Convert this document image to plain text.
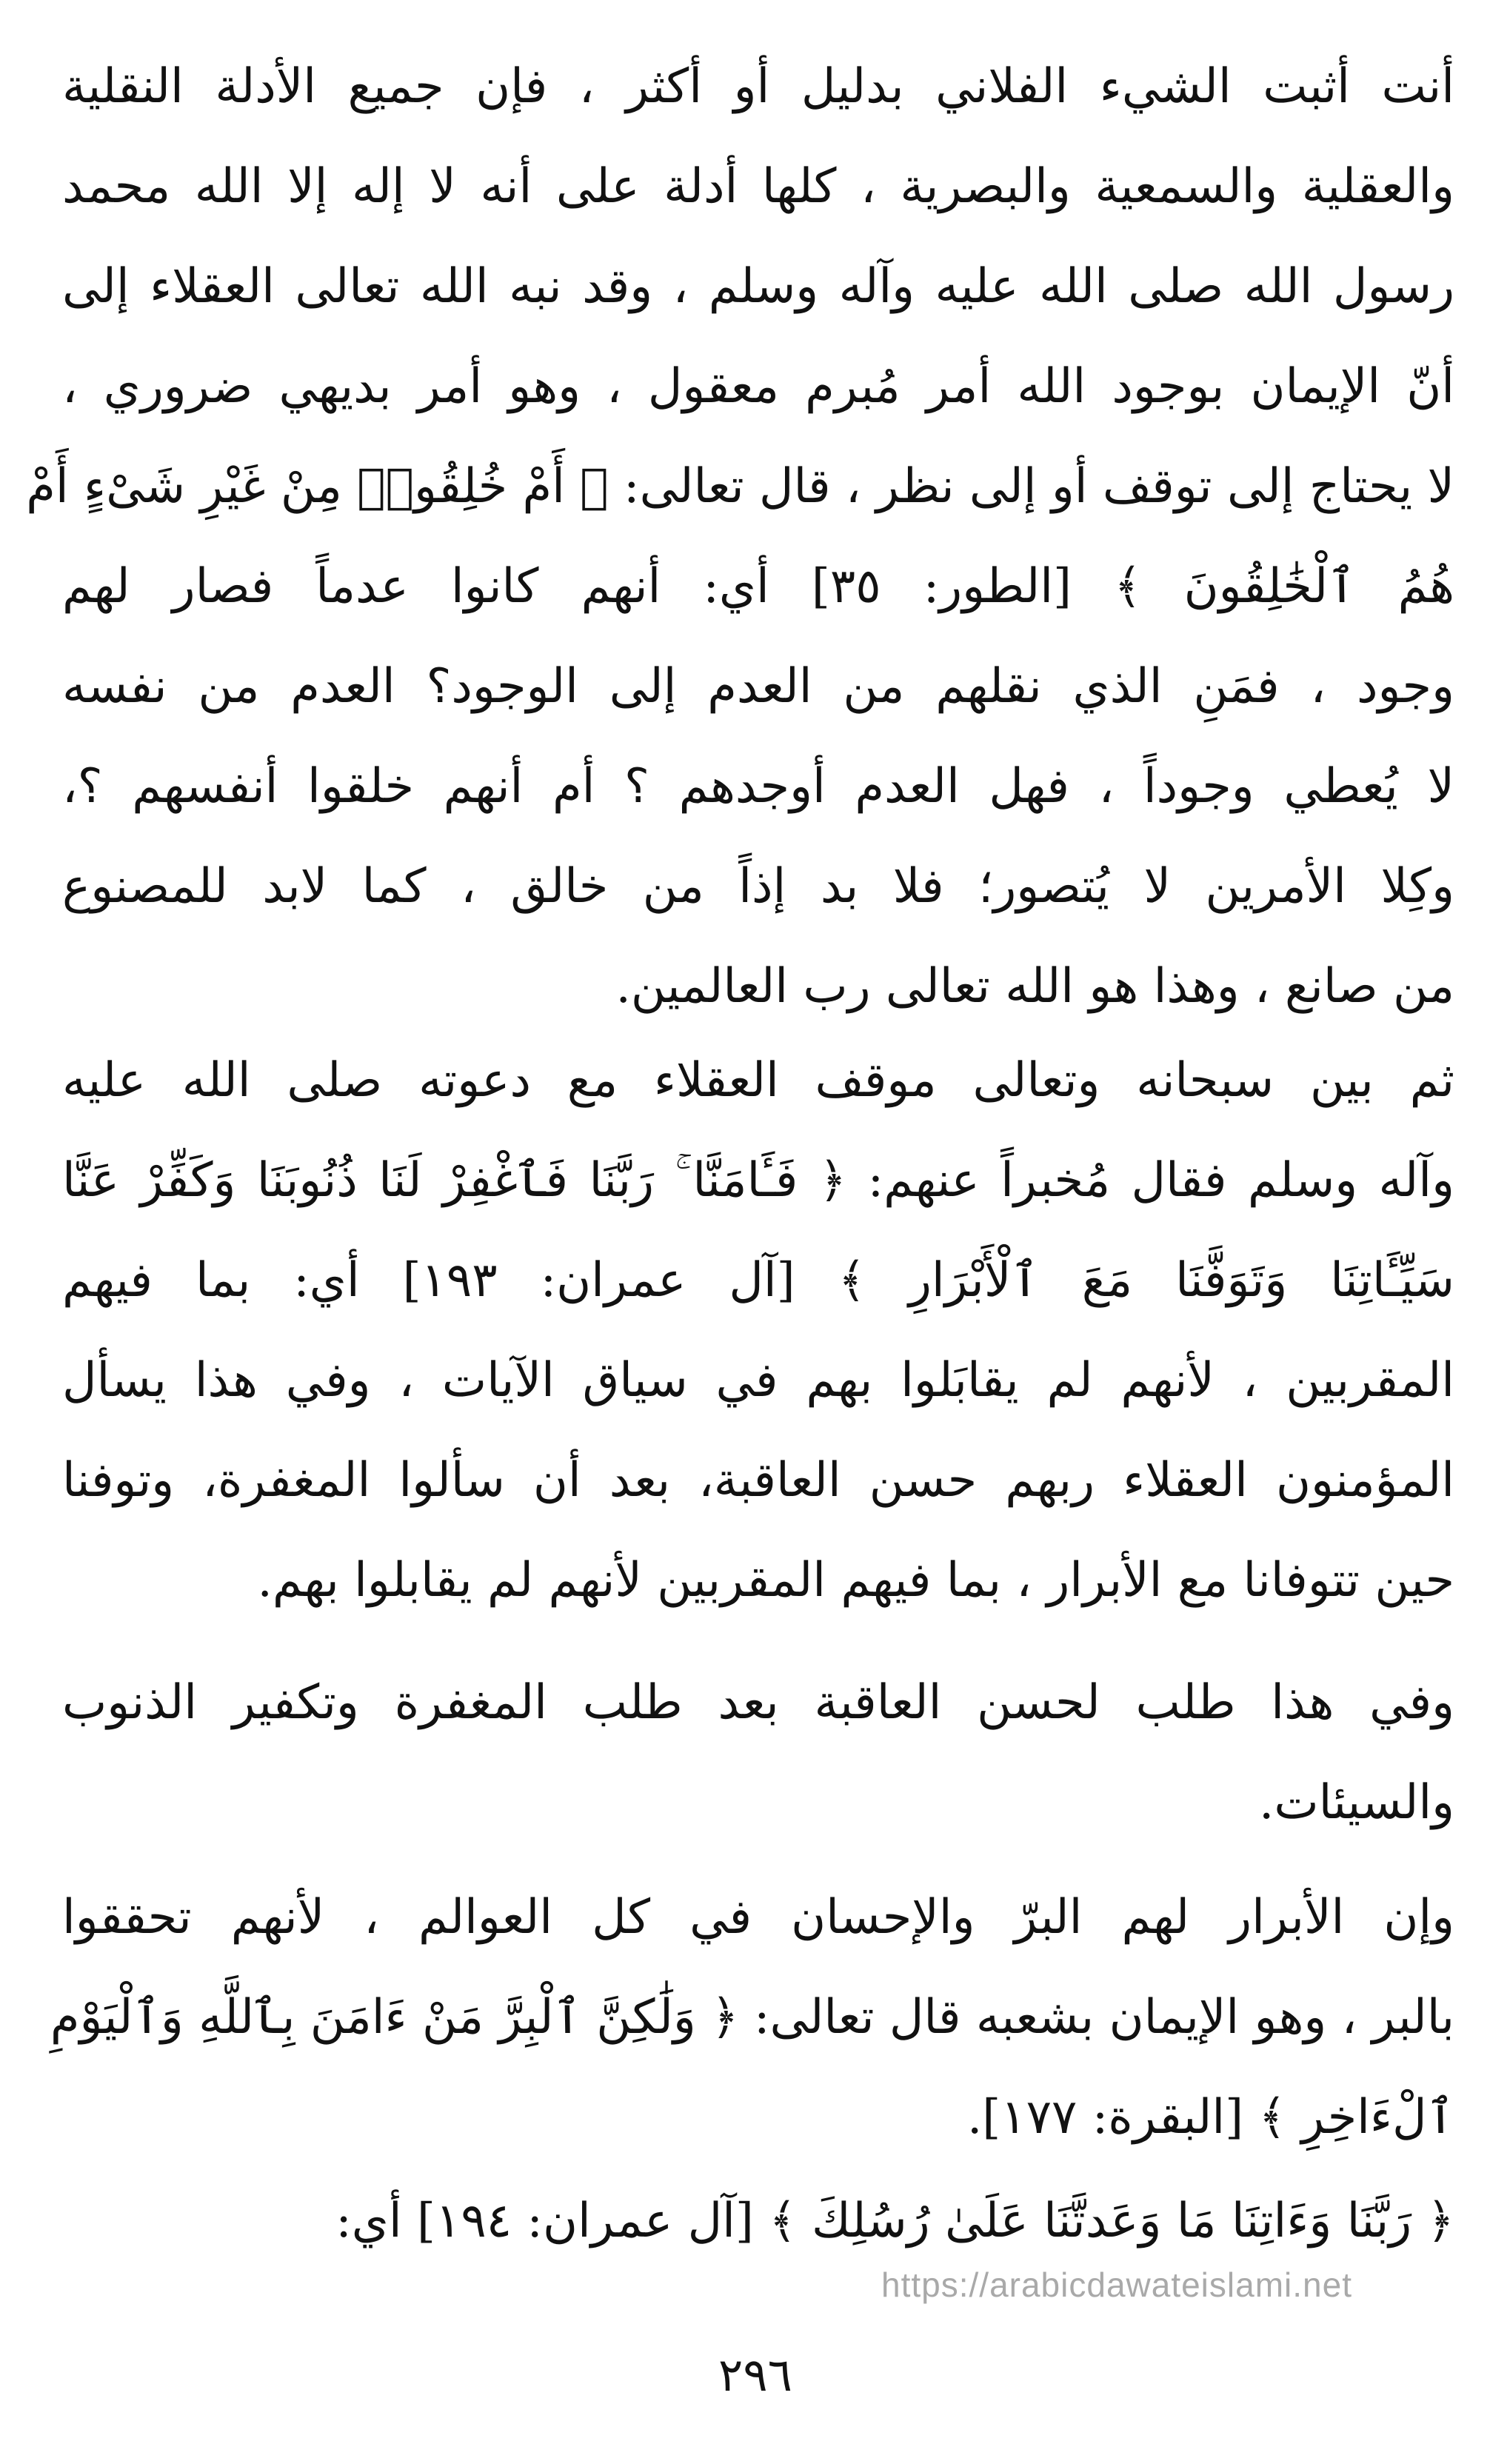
أنت أثبت الشيء الفلاني بدليل أو أكثر ، فإن جميع الأدلة النقلية
والعقلية والسمعية والبصرية ، كلها أدلة على أنه لا إله إلا الله محمد
رسول الله صلى الله عليه وآله وسلم ، وقد نبه الله تعالى العقلاء إلى
أنّ الإيمان بوجود الله أمر مُبرم معقول ، وهو أمر بديهي ضروري ،
لا يحتاج إلى توقف أو إلى نظر ، قال تعالى: ﴿ أَمْ خُلِقُوا۟ مِنْ غَيْرِ شَىْءٍ أَمْ
هُمُ ٱلْخَٰلِقُونَ ﴾ [الطور: ٣٥] أي: أنهم كانوا عدماً فصار لهم
وجود ، فمَنِ الذي نقلهم من العدم إلى الوجود؟ العدم من نفسه
لا يُعطي وجوداً ، فهل العدم أوجدهم ؟ أم أنهم خلقوا أنفسهم ؟،
وكِلا الأمرين لا يُتصور؛ فلا بد إذاً من خالق ، كما لابد للمصنوع
من صانع ، وهذا هو الله تعالى رب العالمين.
ثم بين سبحانه وتعالى موقف العقلاء مع دعوته صلى الله عليه
وآله وسلم فقال مُخبراً عنهم: ﴿ فَـَٔامَنَّا ۚ رَبَّنَا فَٱغْفِرْ لَنَا ذُنُوبَنَا وَكَفِّرْ عَنَّا
سَيِّـَٔاتِنَا وَتَوَفَّنَا مَعَ ٱلْأَبْرَارِ ﴾ [آل عمران: ١٩٣] أي: بما فيهم
المقربين ، لأنهم لم يقابَلوا بهم في سياق الآيات ، وفي هذا يسأل
المؤمنون العقلاء ربهم حسن العاقبة، بعد أن سألوا المغفرة، وتوفنا
حين تتوفانا مع الأبرار ، بما فيهم المقربين لأنهم لم يقابلوا بهم.
وفي هذا طلب لحسن العاقبة بعد طلب المغفرة وتكفير الذنوب
والسيئات.
وإن الأبرار لهم البرّ والإحسان في كل العوالم ، لأنهم تحققوا
بالبر ، وهو الإيمان بشعبه قال تعالى: ﴿ وَلَٰكِنَّ ٱلْبِرَّ مَنْ ءَامَنَ بِٱللَّهِ وَٱلْيَوْمِ
ٱلْءَاخِرِ ﴾ [البقرة: ١٧٧].
﴿ رَبَّنَا وَءَاتِنَا مَا وَعَدتَّنَا عَلَىٰ رُسُلِكَ ﴾ [آل عمران: ١٩٤] أي:
https://arabicdawateislami.net
٢٩٦
